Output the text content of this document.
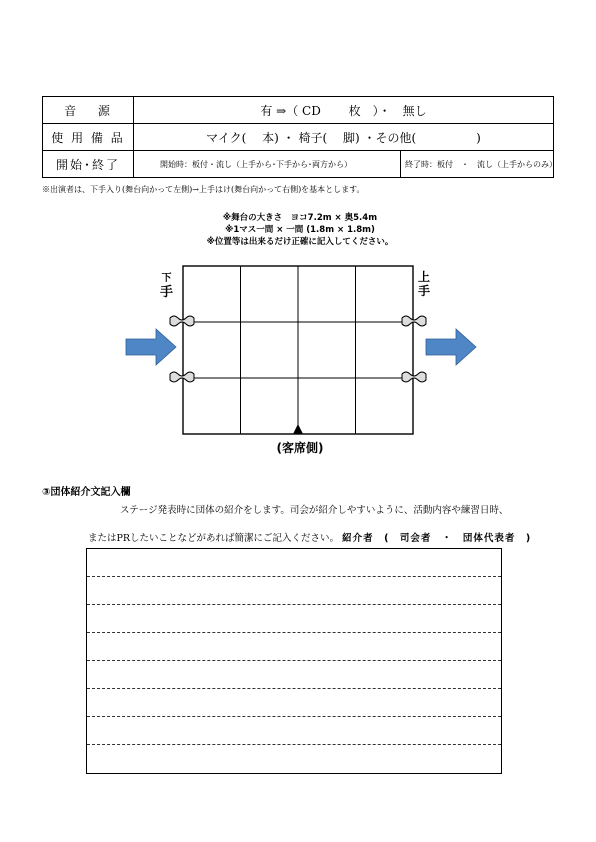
音　 源	有 ⇒（ CD　　 枚　）・　無し	
使 用 備 品	マイク(　 本) ・ 椅子(　 脚) ・その他(　　　　　)	
開始･終了	開始時：板付・流し（上手から･下手から･両方から）	終了時：板付　・　流し（上手からのみ）
※出演者は、下手入り(舞台向かって左側)→上手はけ(舞台向かって右側)を基本とします。
※舞台の大きさ　ヨコ7.2m × 奥5.4m
※1マス一間 × 一間 (1.8m × 1.8m)
※位置等は出来るだけ正確に記入してください。
下
手
上
手
(客席側)
③団体紹介文記入欄
ステージ発表時に団体の紹介をします。司会が紹介しやすいように、活動内容や練習日時、
またはPRしたいことなどがあれば簡潔にご記入ください。 紹介者　(　司会者　・　団体代表者　)
